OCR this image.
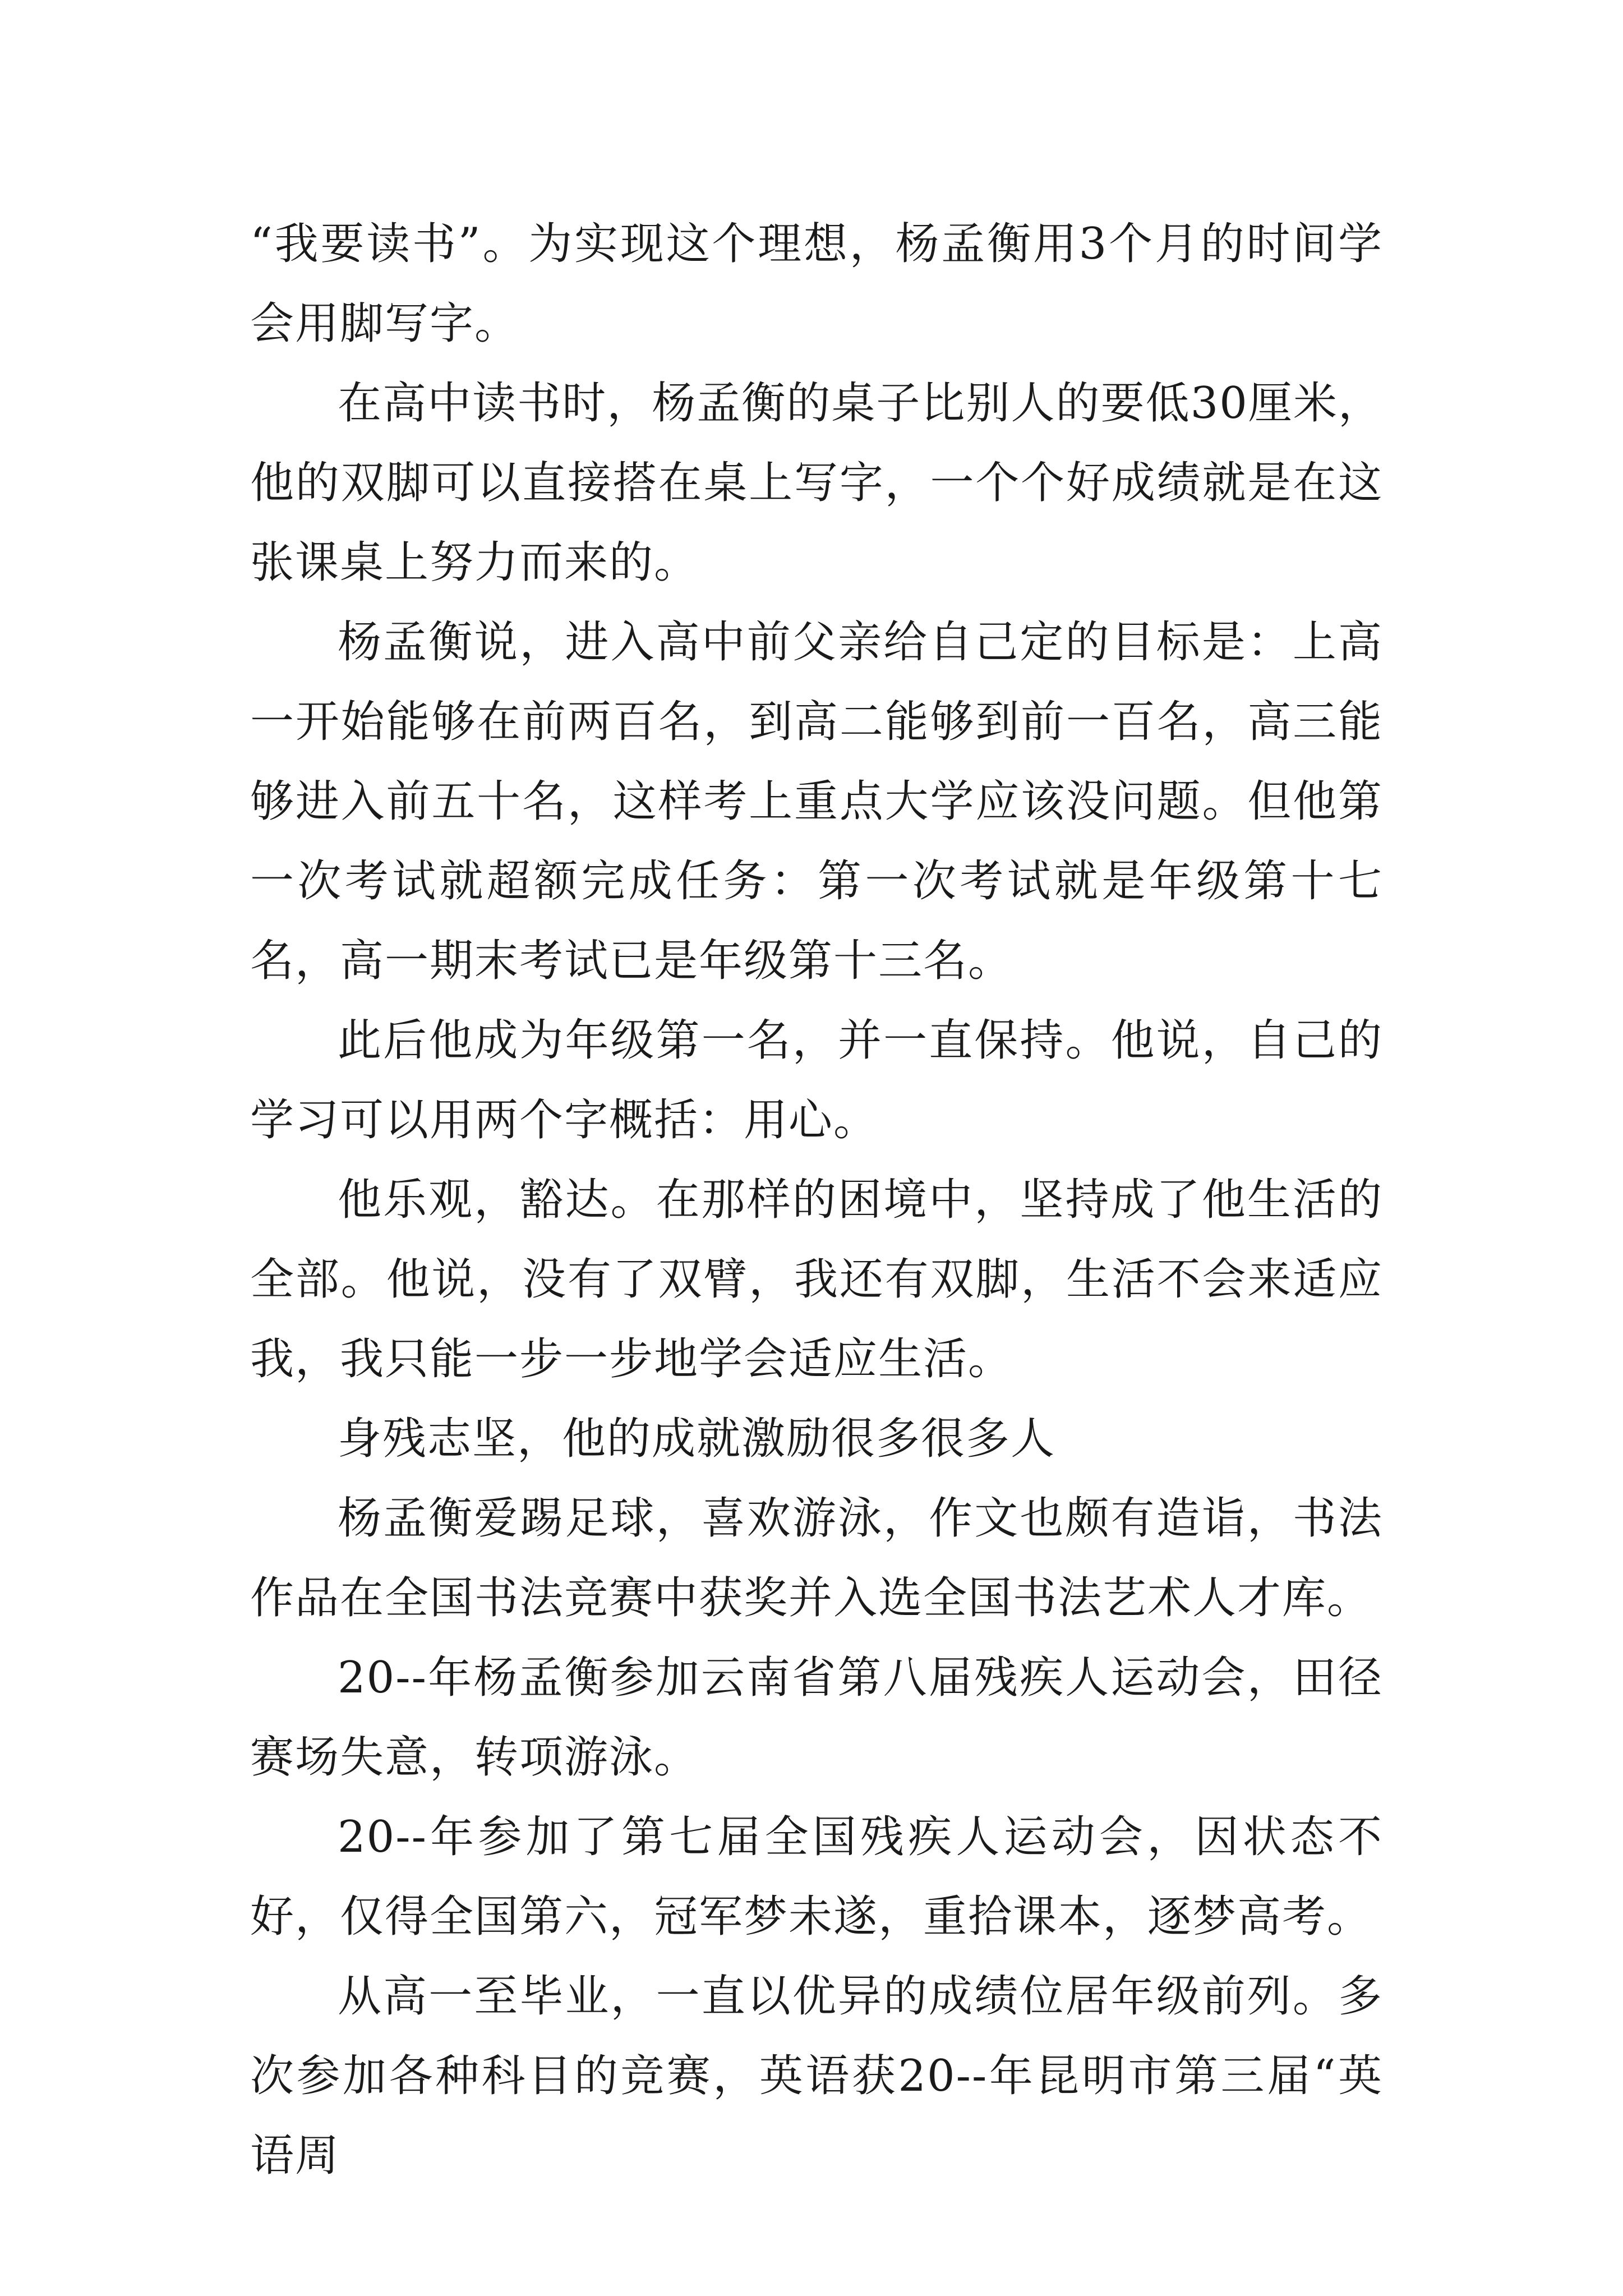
“我要读书”。为实现这个理想，杨孟衡用3个月的时间学会用脚写字。

在高中读书时，杨孟衡的桌子比别人的要低30厘米，他的双脚可以直接搭在桌上写字，一个个好成绩就是在这张课桌上努力而来的。

杨孟衡说，进入高中前父亲给自己定的目标是：上高一开始能够在前两百名，到高二能够到前一百名，高三能够进入前五十名，这样考上重点大学应该没问题。但他第一次考试就超额完成任务：第一次考试就是年级第十七名，高一期末考试已是年级第十三名。

此后他成为年级第一名，并一直保持。他说，自己的学习可以用两个字概括：用心。

他乐观，豁达。在那样的困境中，坚持成了他生活的全部。他说，没有了双臂，我还有双脚，生活不会来适应我，我只能一步一步地学会适应生活。

身残志坚，他的成就激励很多很多人

杨孟衡爱踢足球，喜欢游泳，作文也颇有造诣，书法作品在全国书法竞赛中获奖并入选全国书法艺术人才库。

20--年杨孟衡参加云南省第八届残疾人运动会，田径赛场失意，转项游泳。

20--年参加了第七届全国残疾人运动会，因状态不好，仅得全国第六，冠军梦未遂，重拾课本，逐梦高考。

从高一至毕业，一直以优异的成绩位居年级前列。多次参加各种科目的竞赛，英语获20--年昆明市第三届“英语周
